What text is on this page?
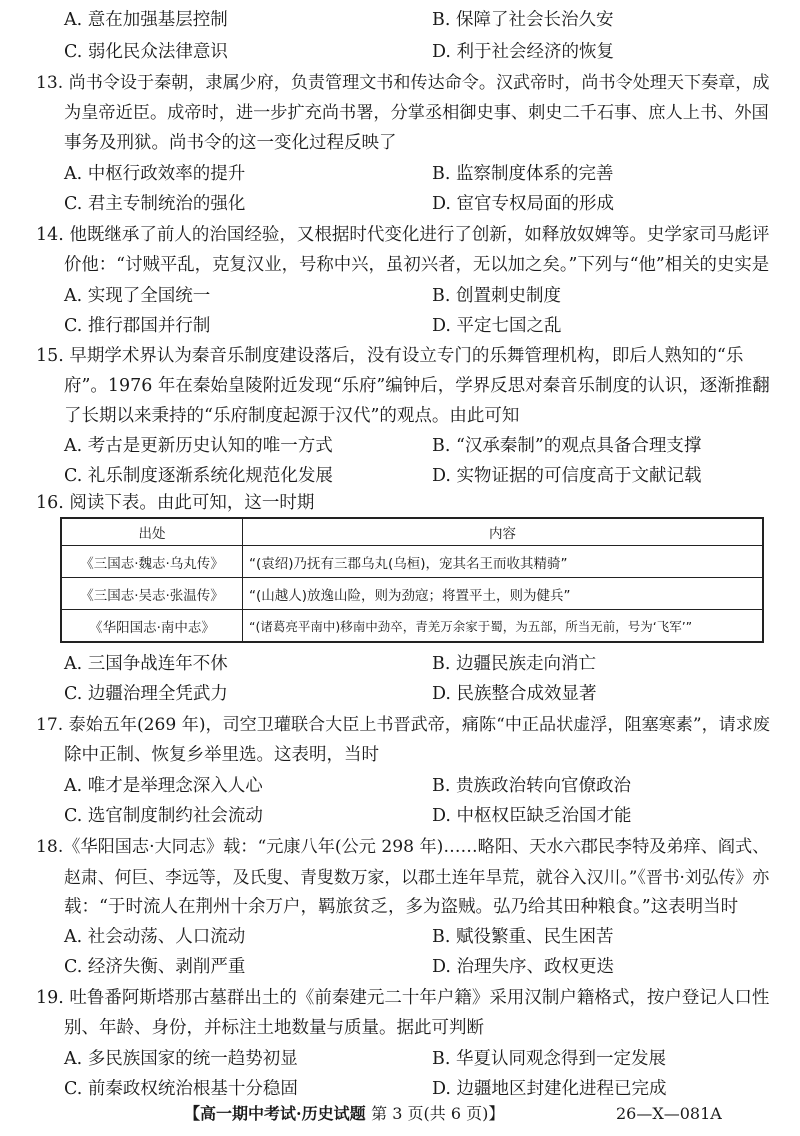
A. 意在加强基层控制	B. 保障了社会长治久安
C. 弱化民众法律意识	D. 利于社会经济的恢复
13. 尚书令设于秦朝，隶属少府，负责管理文书和传达命令。汉武帝时，尚书令处理天下奏章，成
为皇帝近臣。成帝时，进一步扩充尚书署，分掌丞相御史事、刺史二千石事、庶人上书、外国
事务及刑狱。尚书令的这一变化过程反映了
A. 中枢行政效率的提升	B. 监察制度体系的完善
C. 君主专制统治的强化	D. 宦官专权局面的形成
14. 他既继承了前人的治国经验，又根据时代变化进行了创新，如释放奴婢等。史学家司马彪评
价他：“讨贼平乱，克复汉业，号称中兴，虽初兴者，无以加之矣。”下列与“他”相关的史实是
A. 实现了全国统一	B. 创置刺史制度
C. 推行郡国并行制	D. 平定七国之乱
15. 早期学术界认为秦音乐制度建设落后，没有设立专门的乐舞管理机构，即后人熟知的“乐
府”。1976 年在秦始皇陵附近发现“乐府”编钟后，学界反思对秦音乐制度的认识，逐渐推翻
了长期以来秉持的“乐府制度起源于汉代”的观点。由此可知
A. 考古是更新历史认知的唯一方式	B. “汉承秦制”的观点具备合理支撑
C. 礼乐制度逐渐系统化规范化发展	D. 实物证据的可信度高于文献记载
16. 阅读下表。由此可知，这一时期
出处	内容
《三国志·魏志·乌丸传》	“(袁绍)乃抚有三郡乌丸(乌桓)，宠其名王而收其精骑”
《三国志·吴志·张温传》	“(山越人)放逸山险，则为劲寇；将置平土，则为健兵”
《华阳国志·南中志》	“(诸葛亮平南中)移南中劲卒，青羌万余家于蜀，为五部，所当无前，号为‘飞军’”
A. 三国争战连年不休	B. 边疆民族走向消亡
C. 边疆治理全凭武力	D. 民族整合成效显著
17. 泰始五年(269 年)，司空卫瓘联合大臣上书晋武帝，痛陈“中正品状虚浮，阻塞寒素”，请求废
除中正制、恢复乡举里选。这表明，当时
A. 唯才是举理念深入人心	B. 贵族政治转向官僚政治
C. 选官制度制约社会流动	D. 中枢权臣缺乏治国才能
18.《华阳国志·大同志》载：“元康八年(公元 298 年)……略阳、天水六郡民李特及弟痒、阎式、
赵肃、何巨、李远等，及氏叟、青叟数万家，以郡土连年旱荒，就谷入汉川。”《晋书·刘弘传》亦
载：“于时流人在荆州十余万户，羁旅贫乏，多为盗贼。弘乃给其田种粮食。”这表明当时
A. 社会动荡、人口流动	B. 赋役繁重、民生困苦
C. 经济失衡、剥削严重	D. 治理失序、政权更迭
19. 吐鲁番阿斯塔那古墓群出土的《前秦建元二十年户籍》采用汉制户籍格式，按户登记人口性
别、年龄、身份，并标注土地数量与质量。据此可判断
A. 多民族国家的统一趋势初显	B. 华夏认同观念得到一定发展
C. 前秦政权统治根基十分稳固	D. 边疆地区封建化进程已完成
【高一期中考试·历史试题 第 3 页(共 6 页)】	26—X—081A
